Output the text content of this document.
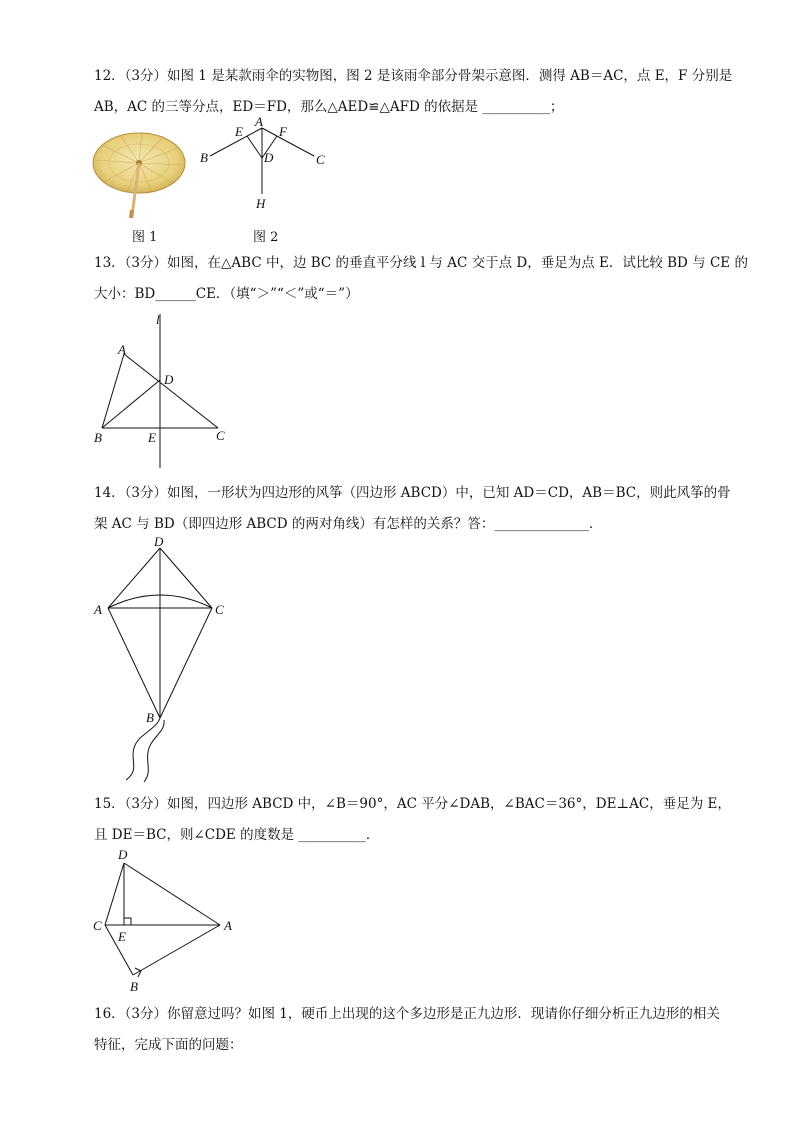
12．（3分）如图 1 是某款雨伞的实物图，图 2 是该雨伞部分骨架示意图．测得 AB＝AC，点 E，F 分别是
AB，AC 的三等分点，ED＝FD，那么△AED≌△AFD 的依据是 __________；
图 1
A
B	C
D
E	F
H
图 2
13．（3分）如图，在△ABC 中，边 BC 的垂直平分线 l 与 AC 交于点 D，垂足为点 E．试比较 BD 与 CE 的
大小：BD______CE．（填“＞”“＜”或“＝”）
l
A
D
B	E	C
14．（3分）如图，一形状为四边形的风筝（四边形 ABCD）中，已知 AD＝CD，AB＝BC，则此风筝的骨
架 AC 与 BD（即四边形 ABCD 的两对角线）有怎样的关系？答：______________．
D
A	C
B
15．（3分）如图，四边形 ABCD 中，∠B＝90°，AC 平分∠DAB，∠BAC＝36°，DE⊥AC，垂足为 E，
且 DE＝BC，则∠CDE 的度数是 __________．
D
C
E
A
B
16．（3分）你留意过吗？如图 1，硬币上出现的这个多边形是正九边形．现请你仔细分析正九边形的相关
特征，完成下面的问题：
